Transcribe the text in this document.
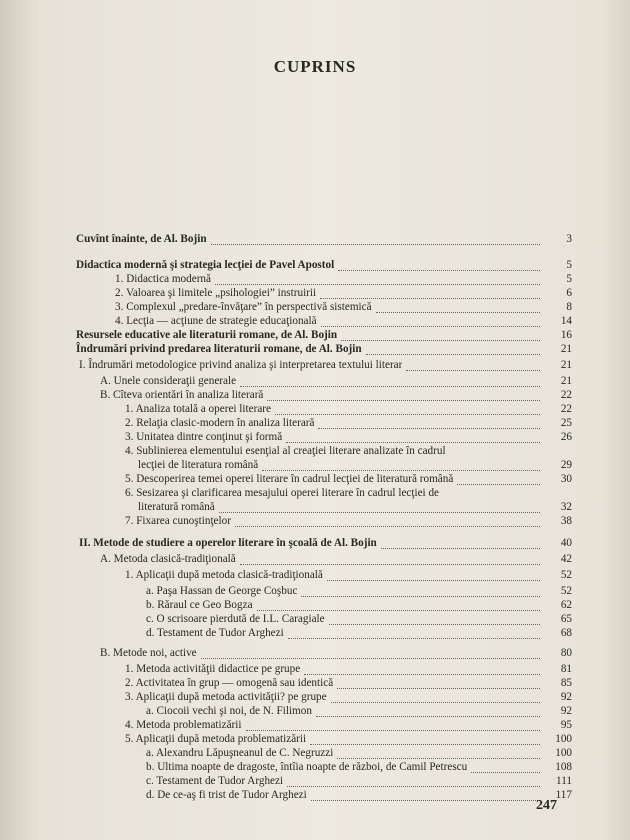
CUPRINS
Cuvînt înainte, de Al. Bojin	3
Didactica modernă şi strategia lecţiei de Pavel Apostol	5
1. Didactica modernă	5
2. Valoarea şi limitele „psihologiei” instruirii	6
3. Complexul „predare-învăţare” în perspectivă sistemică	8
4. Lecţia — acţiune de strategie educaţională	14
Resursele educative ale literaturii romane, de Al. Bojin	16
Îndrumări privind predarea literaturii romane, de Al. Bojin	21
I. Îndrumări metodologice privind analiza şi interpretarea textului literar	21
A. Unele consideraţii generale	21
B. Cîteva orientări în analiza literară	22
1. Analiza totală a operei literare	22
2. Relaţia clasic-modern în analiza literară	25
3. Unitatea dintre conţinut şi formă	26
4. Sublinierea elementului esenţial al creaţiei literare analizate în cadrul
lecţiei de literatura română	29
5. Descoperirea temei operei literare în cadrul lecţiei de literatură română	30
6. Sesizarea şi clarificarea mesajului operei literare în cadrul lecţiei de
literatură română	32
7. Fixarea cunoştinţelor	38
II. Metode de studiere a operelor literare în şcoală de Al. Bojin	40
A. Metoda clasică-tradiţională	42
1. Aplicaţii după metoda clasică-tradiţională	52
a. Paşa Hassan de George Coşbuc	52
b. Răraul ce Geo Bogza	62
c. O scrisoare pierdută de I.L. Caragiale	65
d. Testament de Tudor Arghezi	68
B. Metode noi, active	80
1. Metoda activităţii didactice pe grupe	81
2. Activitatea în grup — omogenă sau identică	85
3. Aplicaţii după metoda activităţii? pe grupe	92
a. Ciocoii vechi şi noi, de N. Filimon	92
4. Metoda problematizării	95
5. Aplicaţii după metoda problematizării	100
a. Alexandru Lăpuşneanul de C. Negruzzi	100
b. Ultima noapte de dragoste, întîia noapte de război, de Camil Petrescu	108
c. Testament de Tudor Arghezi	111
d. De ce-aş fi trist de Tudor Arghezi	117
247
